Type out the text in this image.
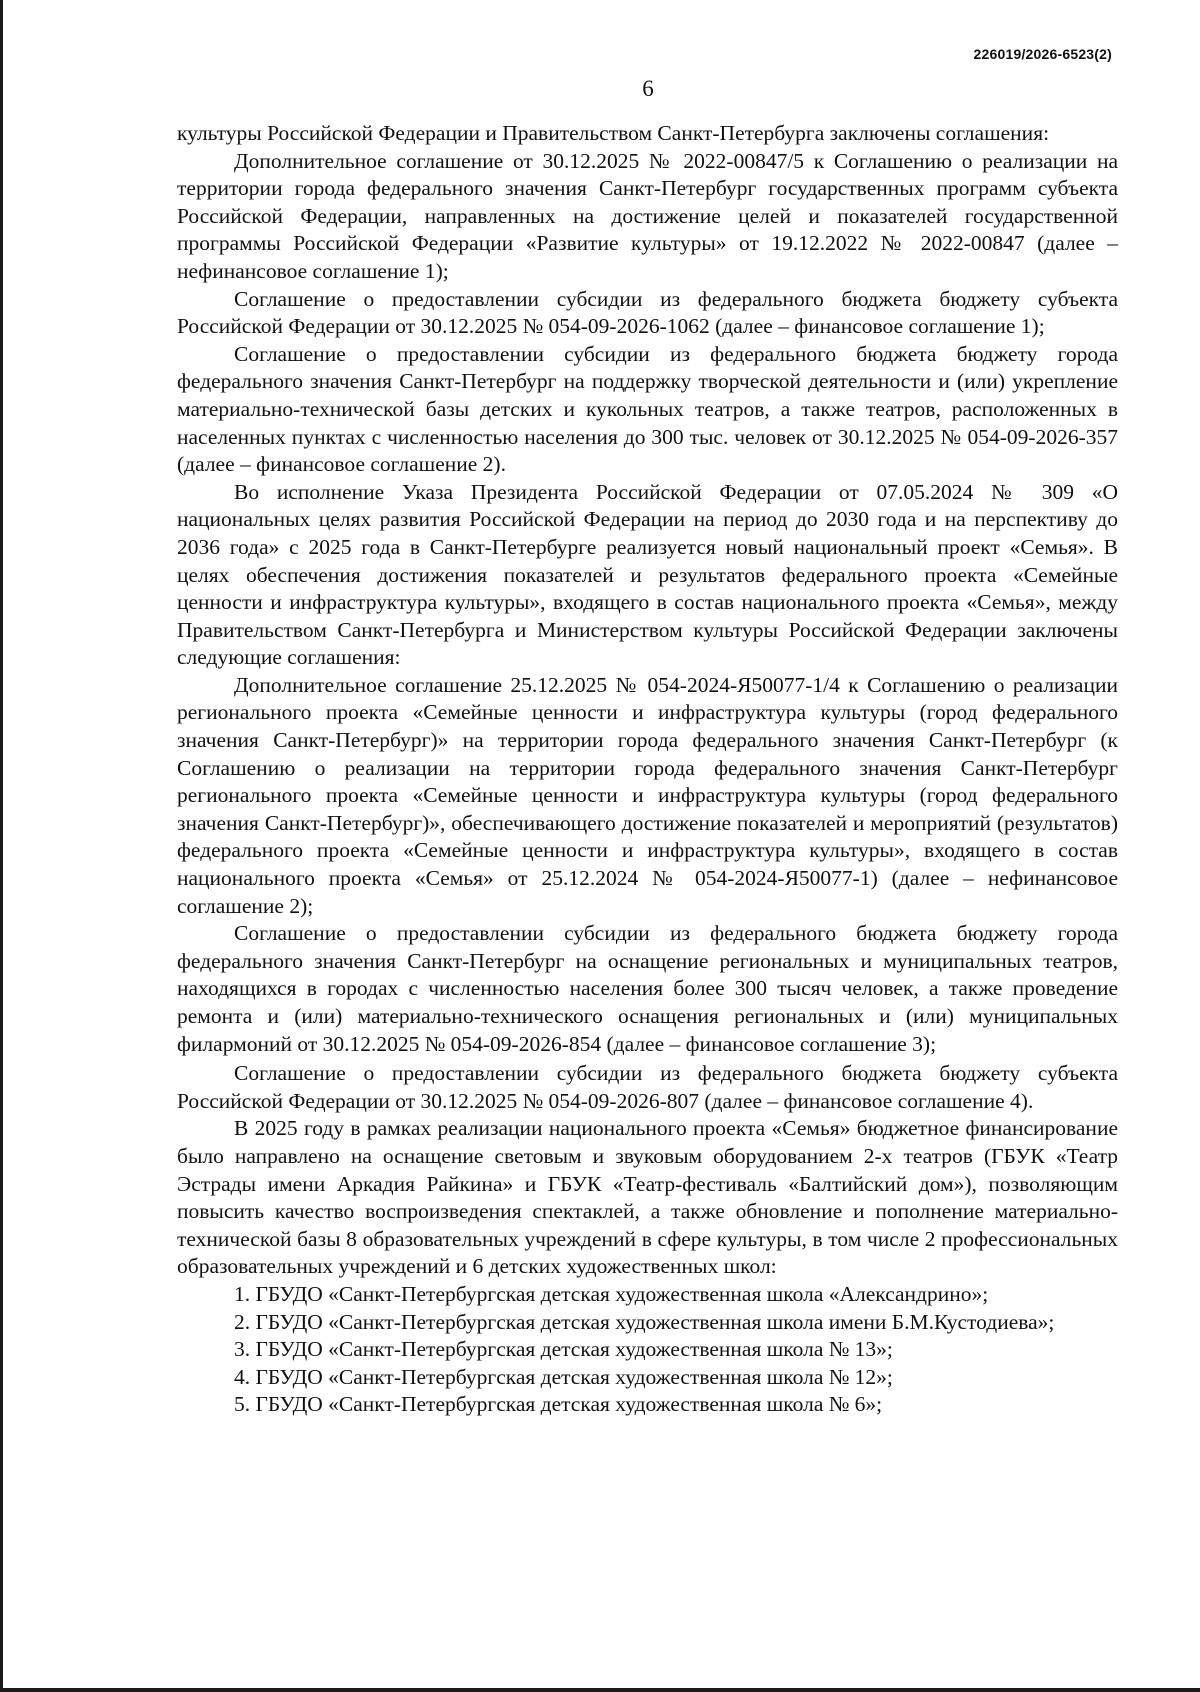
226019/2026-6523(2)
6

культуры Российской Федерации и Правительством Санкт-Петербурга заключены соглашения:

Дополнительное соглашение от 30.12.2025 № 2022-00847/5 к Соглашению о реализации на территории города федерального значения Санкт-Петербург государственных программ субъекта Российской Федерации, направленных на достижение целей и показателей государственной программы Российской Федерации «Развитие культуры» от 19.12.2022 № 2022-00847 (далее – нефинансовое соглашение 1);

Соглашение о предоставлении субсидии из федерального бюджета бюджету субъекта Российской Федерации от 30.12.2025 № 054-09-2026-1062 (далее – финансовое соглашение 1);

Соглашение о предоставлении субсидии из федерального бюджета бюджету города федерального значения Санкт-Петербург на поддержку творческой деятельности и (или) укрепление материально-технической базы детских и кукольных театров, а также театров, расположенных в населенных пунктах с численностью населения до 300 тыс. человек от 30.12.2025 № 054-09-2026-357 (далее – финансовое соглашение 2).

Во исполнение Указа Президента Российской Федерации от 07.05.2024 № 309 «О национальных целях развития Российской Федерации на период до 2030 года и на перспективу до 2036 года» с 2025 года в Санкт-Петербурге реализуется новый национальный проект «Семья». В целях обеспечения достижения показателей и результатов федерального проекта «Семейные ценности и инфраструктура культуры», входящего в состав национального проекта «Семья», между Правительством Санкт-Петербурга и Министерством культуры Российской Федерации заключены следующие соглашения:

Дополнительное соглашение 25.12.2025 № 054-2024-Я50077-1/4 к Соглашению о реализации регионального проекта «Семейные ценности и инфраструктура культуры (город федерального значения Санкт-Петербург)» на территории города федерального значения Санкт-Петербург (к Соглашению о реализации на территории города федерального значения Санкт-Петербург регионального проекта «Семейные ценности и инфраструктура культуры (город федерального значения Санкт-Петербург)», обеспечивающего достижение показателей и мероприятий (результатов) федерального проекта «Семейные ценности и инфраструктура культуры», входящего в состав национального проекта «Семья» от 25.12.2024 № 054-2024-Я50077-1) (далее – нефинансовое соглашение 2);

Соглашение о предоставлении субсидии из федерального бюджета бюджету города федерального значения Санкт-Петербург на оснащение региональных и муниципальных театров, находящихся в городах с численностью населения более 300 тысяч человек, а также проведение ремонта и (или) материально-технического оснащения региональных и (или) муниципальных филармоний от 30.12.2025 № 054-09-2026-854 (далее – финансовое соглашение 3);

Соглашение о предоставлении субсидии из федерального бюджета бюджету субъекта Российской Федерации от 30.12.2025 № 054-09-2026-807 (далее – финансовое соглашение 4).

В 2025 году в рамках реализации национального проекта «Семья» бюджетное финансирование было направлено на оснащение световым и звуковым оборудованием 2-х театров (ГБУК «Театр Эстрады имени Аркадия Райкина» и ГБУК «Театр-фестиваль «Балтийский дом»), позволяющим повысить качество воспроизведения спектаклей, а также обновление и пополнение материально-технической базы 8 образовательных учреждений в сфере культуры, в том числе 2 профессиональных образовательных учреждений и 6 детских художественных школ:

1. ГБУДО «Санкт-Петербургская детская художественная школа «Александрино»;
2. ГБУДО «Санкт-Петербургская детская художественная школа имени Б.М.Кустодиева»;
3. ГБУДО «Санкт-Петербургская детская художественная школа № 13»;
4. ГБУДО «Санкт-Петербургская детская художественная школа № 12»;
5. ГБУДО «Санкт-Петербургская детская художественная школа № 6»;
